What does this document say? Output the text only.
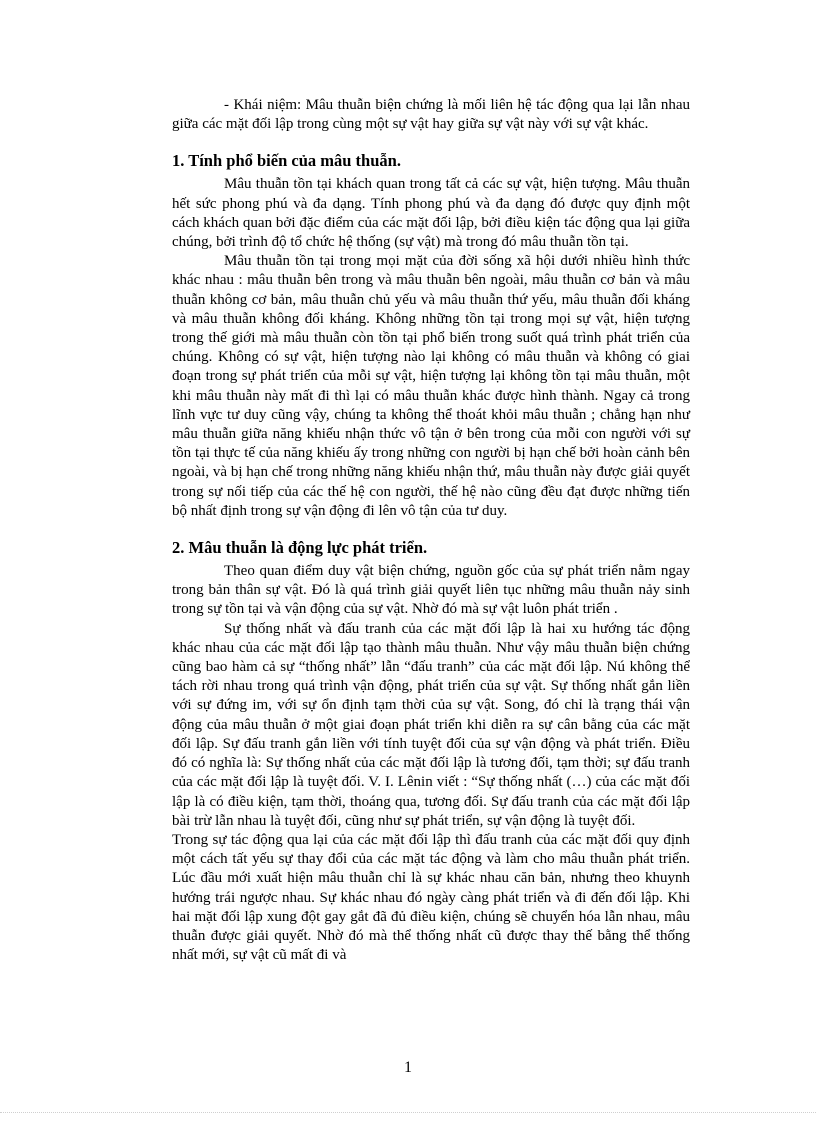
- Khái niệm: Mâu thuẫn biện chứng là mối liên hệ tác động qua lại lẫn nhau giữa các mặt đối lập trong cùng một sự vật hay giữa sự vật này với sự vật khác.

1. Tính phổ biến của mâu thuẫn.

Mâu thuẫn tồn tại khách quan trong tất cả các sự vật, hiện tượng. Mâu thuẫn hết sức phong phú và đa dạng. Tính phong phú và đa dạng đó được quy định một cách khách quan bởi đặc điểm của các mặt đối lập, bởi điều kiện tác động qua lại giữa chúng, bởi trình độ tổ chức hệ thống (sự vật) mà trong đó mâu thuẫn tồn tại.

Mâu thuẫn tồn tại trong mọi mặt của đời sống xã hội dưới nhiều hình thức khác nhau : mâu thuẫn bên trong và mâu thuẫn bên ngoài, mâu thuẫn cơ bản và mâu thuẫn không cơ bản, mâu thuẫn chủ yếu và mâu thuẫn thứ yếu, mâu thuẫn đối kháng và mâu thuẫn không đối kháng. Không những tồn tại trong mọi sự vật, hiện tượng trong thế giới mà mâu thuẫn còn tồn tại phổ biến trong suốt quá trình phát triển của chúng. Không có sự vật, hiện tượng nào lại không có mâu thuẫn và không có giai đoạn trong sự phát triển của mỗi sự vật, hiện tượng lại không tồn tại mâu thuẫn, một khi mâu thuẫn này mất đi thì lại có mâu thuẫn khác được hình thành. Ngay cả trong lĩnh vực tư duy cũng vậy, chúng ta không thể thoát khỏi mâu thuẫn ; chẳng hạn như mâu thuẫn giữa năng khiếu nhận thức vô tận ở bên trong của mỗi con người với sự tồn tại thực tế của năng khiếu ấy trong những con người bị hạn chế bởi hoàn cảnh bên ngoài, và bị hạn chế trong những năng khiếu nhận thứ, mâu thuẫn này được giải quyết trong sự nối tiếp của các thế hệ con người, thế hệ nào cũng đều đạt được những tiến bộ nhất định trong sự vận động đi lên vô tận của tư duy.

2. Mâu thuẫn là động lực phát triển.

Theo quan điểm duy vật biện chứng, nguồn gốc của sự phát triển nằm ngay trong bản thân sự vật. Đó là quá trình giải quyết liên tục những mâu thuẫn nảy sinh trong sự tồn tại và vận động của sự vật. Nhờ đó mà sự vật luôn phát triển .

Sự thống nhất và đấu tranh của các mặt đối lập là hai xu hướng tác động khác nhau của các mặt đối lập tạo thành mâu thuẫn. Như vậy mâu thuẫn biện chứng cũng bao hàm cả sự “thống nhất” lẫn “đấu tranh” của các mặt đối lập. Nú không thể tách rời nhau trong quá trình vận động, phát triển của sự vật. Sự thống nhất gắn liền với sự đứng im, với sự ổn định tạm thời của sự vật. Song, đó chỉ là trạng thái vận động của mâu thuẫn ở một giai đoạn phát triển khi diễn ra sự cân bằng của các mặt đối lập. Sự đấu tranh gắn liền với tính tuyệt đối của sự vận động và phát triển. Điều đó có nghĩa là: Sự thống nhất của các mặt đối lập là tương đối, tạm thời; sự đấu tranh của các mặt đối lập là tuyệt đối. V. I. Lênin viết : “Sự thống nhất (…) của các mặt đối lập là có điều kiện, tạm thời, thoáng qua, tương đối. Sự đấu tranh của các mặt đối lập bài trừ lẫn nhau là tuyệt đối, cũng như sự phát triển, sự vận động là tuyệt đối.

Trong sự tác động qua lại của các mặt đối lập thì đấu tranh của các mặt đối quy định một cách tất yếu sự thay đổi của các mặt tác động và làm cho mâu thuẫn phát triển. Lúc đầu mới xuất hiện mâu thuẫn chỉ là sự khác nhau căn bản, nhưng theo khuynh hướng trái ngược nhau. Sự khác nhau đó ngày càng phát triển và đi đến đối lập. Khi hai mặt đối lập xung đột gay gắt đã đủ điều kiện, chúng sẽ chuyển hóa lẫn nhau, mâu thuẫn được giải quyết. Nhờ đó mà thể thống nhất cũ được thay thế bằng thể thống nhất mới, sự vật cũ mất đi và

1
